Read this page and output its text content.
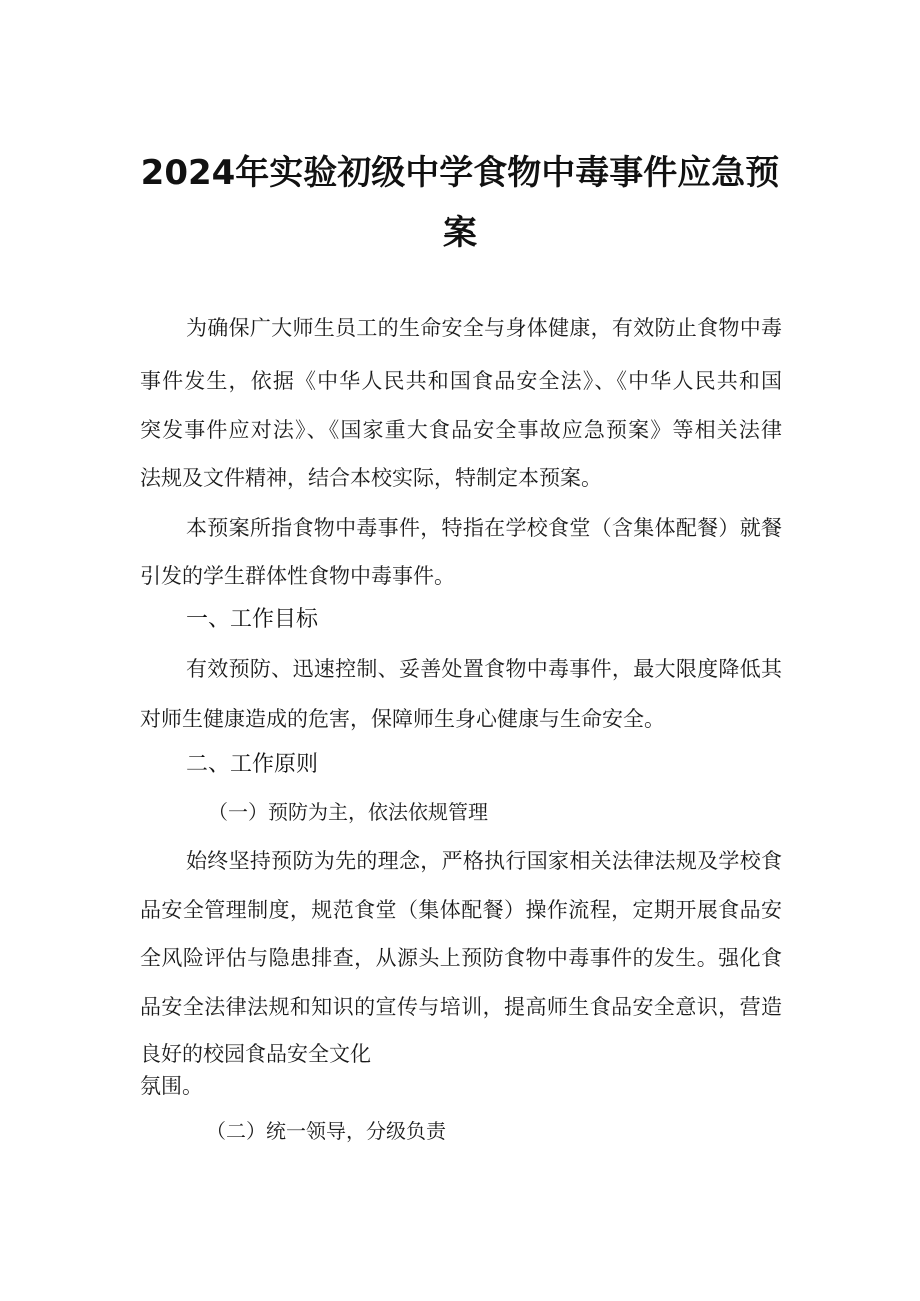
2024年实验初级中学食物中毒事件应急预
案
为确保广大师生员工的生命安全与身体健康，有效防止食物中毒
事件发生，依据《中华人民共和国食品安全法》、《中华人民共和国
突发事件应对法》、《国家重大食品安全事故应急预案》等相关法律
法规及文件精神，结合本校实际，特制定本预案。
本预案所指食物中毒事件，特指在学校食堂（含集体配餐）就餐
引发的学生群体性食物中毒事件。
一、工作目标
有效预防、迅速控制、妥善处置食物中毒事件，最大限度降低其
对师生健康造成的危害，保障师生身心健康与生命安全。
二、工作原则
（一）预防为主，依法依规管理
始终坚持预防为先的理念，严格执行国家相关法律法规及学校食
品安全管理制度，规范食堂（集体配餐）操作流程，定期开展食品安
全风险评估与隐患排查，从源头上预防食物中毒事件的发生。强化食
品安全法律法规和知识的宣传与培训，提高师生食品安全意识，营造
良好的校园食品安全文化
氛围。
（二）统一领导，分级负责
